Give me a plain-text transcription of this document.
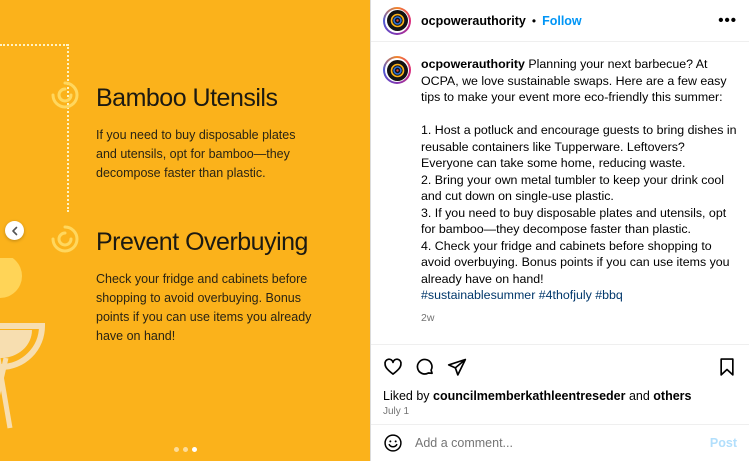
Bamboo Utensils
If you need to buy disposable plates and utensils, opt for bamboo—they decompose faster than plastic.
Prevent Overbuying
Check your fridge and cabinets before shopping to avoid overbuying. Bonus points if you can use items you already have on hand!
ocpowerauthority • Follow	•••

ocpowerauthority Planning your next barbecue? At OCPA, we love sustainable swaps. Here are a few easy tips to make your event more eco-friendly this summer:

1. Host a potluck and encourage guests to bring dishes in reusable containers like Tupperware. Leftovers? Everyone can take some home, reducing waste.
2. Bring your own metal tumbler to keep your drink cool and cut down on single-use plastic.
3. If you need to buy disposable plates and utensils, opt for bamboo—they decompose faster than plastic.
4. Check your fridge and cabinets before shopping to avoid overbuying. Bonus points if you can use items you already have on hand!

#sustainablesummer #4thofjuly #bbq

2w
Liked by councilmemberkathleentreseder and others
July 1
Add a comment...
Post
